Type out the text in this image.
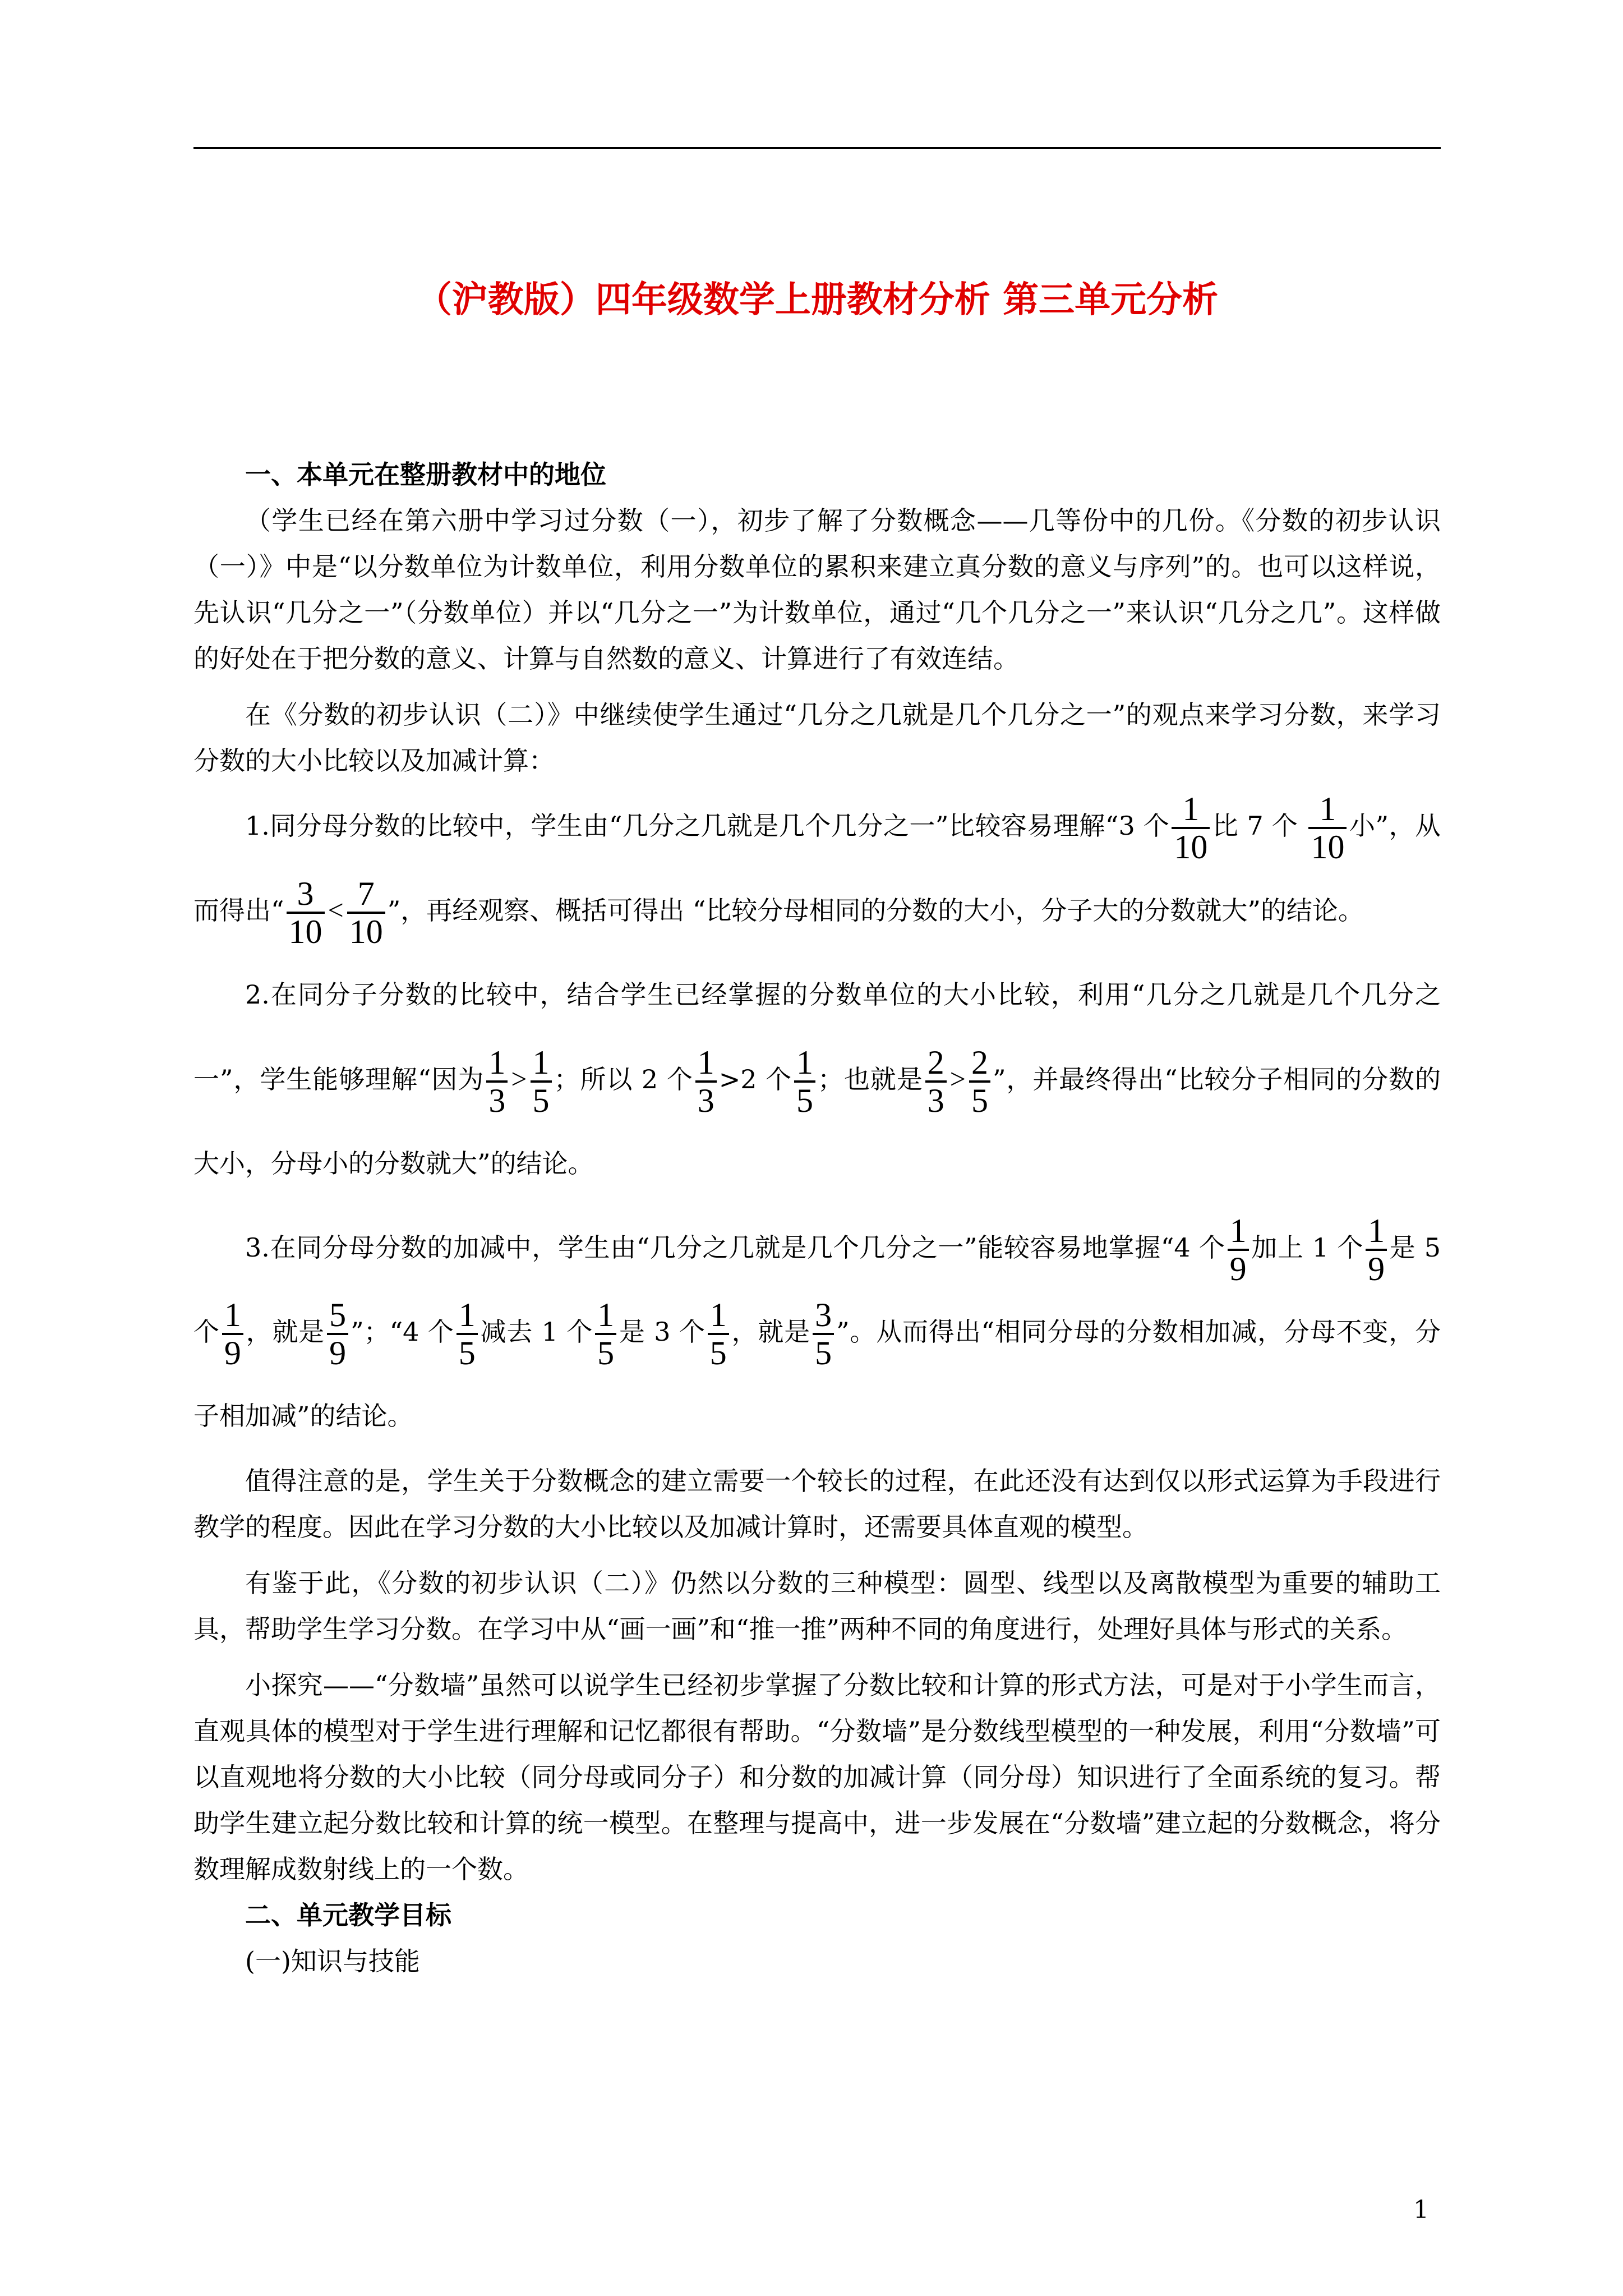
（沪教版）四年级数学上册教材分析 第三单元分析
一、本单元在整册教材中的地位

（学生已经在第六册中学习过分数（一），初步了解了分数概念——几等份中的几份。《分数的初步认识（一）》中是“以分数单位为计数单位，利用分数单位的累积来建立真分数的意义与序列”的。也可以这样说，先认识“几分之一”（分数单位）并以“几分之一”为计数单位，通过“几个几分之一”来认识“几分之几”。这样做的好处在于把分数的意义、计算与自然数的意义、计算进行了有效连结。

在《分数的初步认识（二）》中继续使学生通过“几分之几就是几个几分之一”的观点来学习分数，来学习分数的大小比较以及加减计算：

1.同分母分数的比较中，学生由“几分之几就是几个几分之一”比较容易理解“3 个 $\frac{1}{10}$ 比 7 个 $\frac{1}{10}$ 小”，从而得出“ $\frac{3}{10} < \frac{7}{10}$ ”，再经观察、概括可得出 “比较分母相同的分数的大小，分子大的分数就大”的结论。

2.在同分子分数的比较中，结合学生已经掌握的分数单位的大小比较，利用“几分之几就是几个几分之一”，学生能够理解“因为 $\frac{1}{3} > \frac{1}{5}$ ；所以 2 个 $\frac{1}{3} >2$ 个 $\frac{1}{5}$ ；也就是 $\frac{2}{3} > \frac{2}{5}$ ”，并最终得出“比较分子相同的分数的大小，分母小的分数就大”的结论。

3.在同分母分数的加减中，学生由“几分之几就是几个几分之一”能较容易地掌握“4 个 $\frac{1}{9}$ 加上 1 个 $\frac{1}{9}$ 是 5 个 $\frac{1}{9}$ ，就是 $\frac{5}{9}$ ”；“4 个 $\frac{1}{5}$ 减去 1 个 $\frac{1}{5}$ 是 3 个 $\frac{1}{5}$ ，就是 $\frac{3}{5}$ ”。从而得出“相同分母的分数相加减，分母不变，分子相加减”的结论。

值得注意的是，学生关于分数概念的建立需要一个较长的过程，在此还没有达到仅以形式运算为手段进行教学的程度。因此在学习分数的大小比较以及加减计算时，还需要具体直观的模型。

有鉴于此，《分数的初步认识（二）》仍然以分数的三种模型：圆型、线型以及离散模型为重要的辅助工具，帮助学生学习分数。在学习中从“画一画”和“推一推”两种不同的角度进行，处理好具体与形式的关系。

小探究——“分数墙”虽然可以说学生已经初步掌握了分数比较和计算的形式方法，可是对于小学生而言，直观具体的模型对于学生进行理解和记忆都很有帮助。“分数墙”是分数线型模型的一种发展，利用“分数墙”可以直观地将分数的大小比较（同分母或同分子）和分数的加减计算（同分母）知识进行了全面系统的复习。帮助学生建立起分数比较和计算的统一模型。在整理与提高中，进一步发展在“分数墙”建立起的分数概念，将分数理解成数射线上的一个数。

二、单元教学目标

(一)知识与技能

1
